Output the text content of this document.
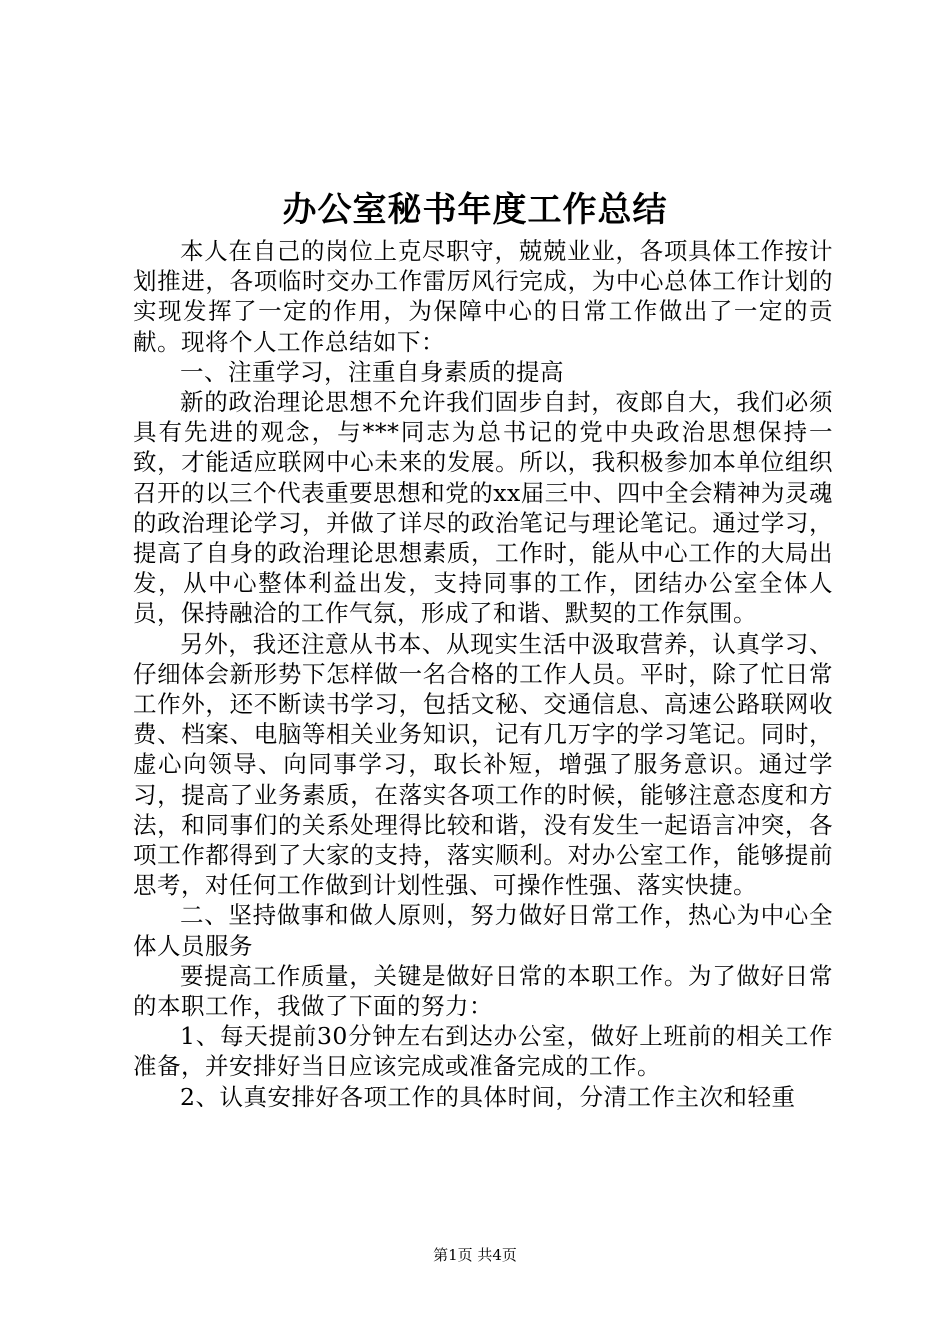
办公室秘书年度工作总结

本人在自己的岗位上克尽职守，兢兢业业，各项具体工作按计划推进，各项临时交办工作雷厉风行完成，为中心总体工作计划的实现发挥了一定的作用，为保障中心的日常工作做出了一定的贡献。现将个人工作总结如下：

一、注重学习，注重自身素质的提高

新的政治理论思想不允许我们固步自封，夜郎自大，我们必须具有先进的观念，与***同志为总书记的党中央政治思想保持一致，才能适应联网中心未来的发展。所以，我积极参加本单位组织召开的以三个代表重要思想和党的xx届三中、四中全会精神为灵魂的政治理论学习，并做了详尽的政治笔记与理论笔记。通过学习，提高了自身的政治理论思想素质，工作时，能从中心工作的大局出发，从中心整体利益出发，支持同事的工作，团结办公室全体人员，保持融洽的工作气氛，形成了和谐、默契的工作氛围。

另外，我还注意从书本、从现实生活中汲取营养，认真学习、仔细体会新形势下怎样做一名合格的工作人员。平时，除了忙日常工作外，还不断读书学习，包括文秘、交通信息、高速公路联网收费、档案、电脑等相关业务知识，记有几万字的学习笔记。同时，虚心向领导、向同事学习，取长补短，增强了服务意识。通过学习，提高了业务素质，在落实各项工作的时候，能够注意态度和方法，和同事们的关系处理得比较和谐，没有发生一起语言冲突，各项工作都得到了大家的支持，落实顺利。对办公室工作，能够提前思考，对任何工作做到计划性强、可操作性强、落实快捷。

二、坚持做事和做人原则，努力做好日常工作，热心为中心全体人员服务

要提高工作质量，关键是做好日常的本职工作。为了做好日常的本职工作，我做了下面的努力：

1、每天提前30分钟左右到达办公室，做好上班前的相关工作准备，并安排好当日应该完成或准备完成的工作。

2、认真安排好各项工作的具体时间，分清工作主次和轻重

第1页 共4页
